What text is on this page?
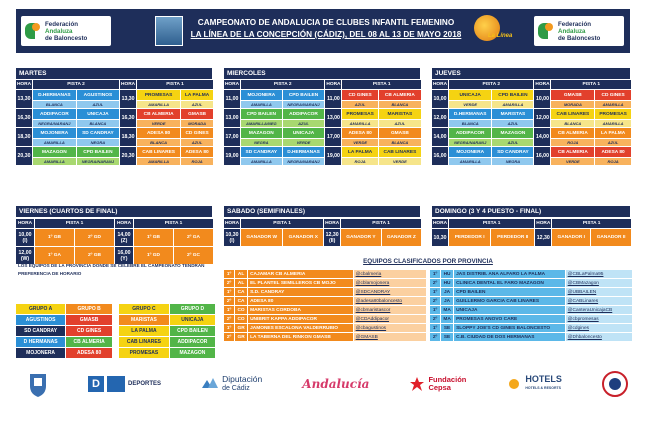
Federación
Andaluza
de Baloncesto
CAMPEONATO DE ANDALUCIA DE CLUBES INFANTIL FEMENINO
LA LÍNEA DE LA CONCEPCIÓN (CÁDIZ), DEL 08 AL 13 DE MAYO 2018	La Línea
Federación
Andaluza
de Baloncesto
MARTES
HORA	PISTA 2		HORA	PISTA 1	
13,30	D.HERMANAS	AGUSTINOS	13,30	PROMESAS	LA PALMA
	BLANCA	AZUL		AMARILLA	AZUL
16,30	ADDIPACOR	UNICAJA	16,30	CB ALMERIA	GMASB
	NEGRA/NARANJ	BLANCA		VERDE	MORADA
18,30	MOJONERA	SD CANDRAY	18,30	ADESA 80	CD GINES
	AMARILLA	NEGRA		BLANCA	AZUL
20,30	MAZAGON	CPD BAILEN	20,30	CAB LINARES	ADESA 80
	AMARILLA	NEGRA/NARANJ		AMARILLA	ROJA
MIERCOLES
HORA	PISTA 2		HORA	PISTA 1	
11,00	MOJONERA	CPD BAILEN	11,00	CD GINES	CB ALMERIA
	AMARILLA	NEGRA/NARANJ		AZUL	BLANCA
13,00	CPD BAILEN	ADDIPACOR	13,00	PROMESAS	MARISTAS
	AMARILLA/NEG	AZUL		AMARILLA	AZUL
17,00	MAZAGON	UNICAJA	17,00	ADESA 80	GMASB
	NEGRA	VERDE		VERDE	BLANCA
19,00	SD CANDRAY	D.HERMANAS	19,00	LA PALMA	CAB LINARES
	AMARILLA	NEGRA/NARANJ		ROJA	VERDE
JUEVES
HORA	PISTA 2		HORA	PISTA 1	
10,00	UNICAJA	CPD BAILEN	10,00	GMASB	CD GINES
	VERDE	AMARILLA		MORADA	AMARILLA
12,00	D.HERMANAS	MARISTAS	12,00	CAB LINARES	PROMESAS
	BLANCA	AZUL		BLANCA	AMARILLA
14,00	ADDIPACOR	MAZAGON	14,00	CB ALMERIA	LA PALMA
	NEGRA/NARANJ	AZUL		ROJA	AZUL
16,00	MOJONERA	SD CANDRAY	16,00	CB ALMERIA	ADESA 80
	AMARILLA	NEGRA		VERDE	ROJA
VIERNES (CUARTOS DE FINAL)
HORA	PISTA 1		HORA	PISTA 1	
10,00 (I)	1º GB	2º GD	14,00 (Z)	1º GB	2º GA
12,00 (W)	1º GA	2º GB	16,00 (Y)	1º GD	2º GC
LOS EQUIPOS DE LA PROVINCIA DONDE SE CELEBRE EL CAMPEONATO TENDRAN PREFERENCIA DE HORARIO
GRUPO A	GRUPO B
AGUSTINOS	GMASB
SD CANDRAY	CD GINES
D HERMANAS	CB ALMERIA
MOJONERA	ADESA 80
GRUPO C	GRUPO D
MARISTAS	UNICAJA
LA PALMA	CPD BAILEN
CAB LINARES	ADDIPACOR
PROMESAS	MAZAGON
SABADO (SEMIFINALES)
HORA	PISTA 1		HORA	PISTA 1	
10,30 (I)	GANADOR W	GANADOR X	12,30 (II)	GANADOR Y	GANADOR Z
DOMINGO (3 Y 4 PUESTO - FINAL)
HORA	PISTA 1		HORA	PISTA 1	
10,30	PERDEDOR I	PERDEDOR II	12,30	GANADOR I	GANADOR II
EQUIPOS CLASIFICADOS POR PROVINCIA
1º	AL	CAJAMAR CB ALMERIA	@cbalmeria
2º	AL	EL PLANTEL SEMILLEROS CB MOJO	@cblamojonera
1º	CA	S.D. CANDRAY	@SDCANDRAY
2º	CA	ADESA 80	@adesa80baloncesto
1º	CO	MARISTAS CORDOBA	@cbmaristascor
2º	CO	UNIBRIT KAPPA ADDIPACOR	@CDAddipacor
1º	GR	JAMONES ESCALONA VALDERRUBIO	@cbagustinos
2º	GR	LA TABERNA DEL RINKON GMASB	@GMASB
1º	HU	JAS DISTRIB. ANA ALFARO LA PALMA	@CBLaPalma95
2º	HU	CLINICA DENTAL EL FARO MAZAGON	@CBMazagon
1º	JA	CPD BAILEN	@UBBAILEN
2º	JA	GUILLERMO GARCIA CAB LINARES	@CABLinares
1º	MA	UNICAJA	@CanteraUnicajaCB
2º	MA	PROMESAS ANOVO CARE	@cbpromesas
1º	SE	SLOPPY JOE'S CD GINES BALONCESTO	@cdgines
2º	SE	C.B. CIUDAD DE DOS HERMANAS	@Dhbaloncesto
D	DEPORTES	Diputación
de Cádiz	Andalucía	Fundación
Cepsa
HOTELS
HOTELS & RESORTS
